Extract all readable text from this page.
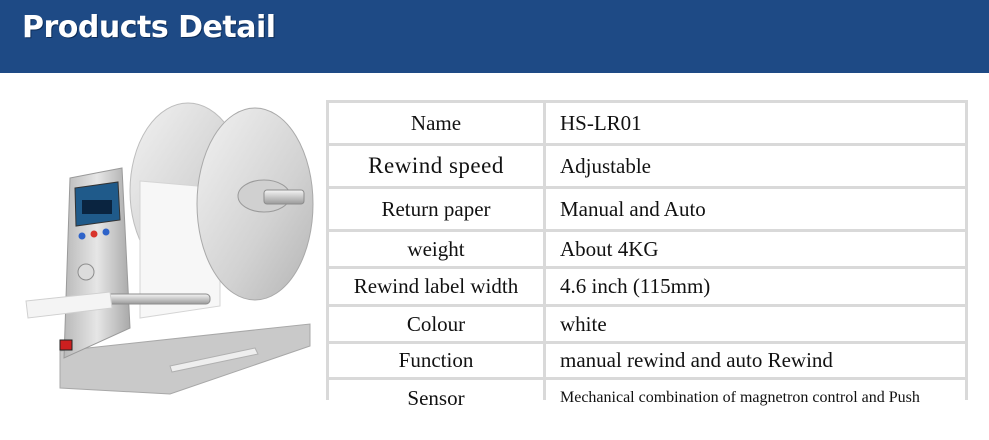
Products Detail
Name	HS-LR01
Rewind speed	Adjustable
Return paper	Manual and Auto
weight	About 4KG
Rewind label width	4.6 inch (115mm)
Colour	white
Function	manual rewind and auto Rewind
Sensor	Mechanical combination of magnetron control and Push
